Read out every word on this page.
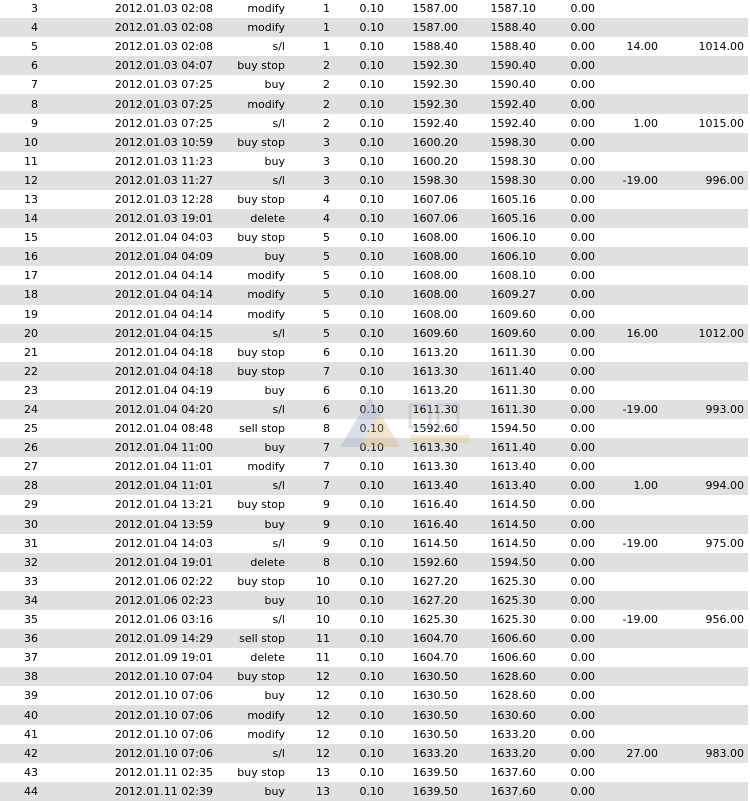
3	2012.01.03 02:08	modify	1	0.10	1587.00	1587.10	0.00		
4	2012.01.03 02:08	modify	1	0.10	1587.00	1588.40	0.00		
5	2012.01.03 02:08	s/l	1	0.10	1588.40	1588.40	0.00	14.00	1014.00
6	2012.01.03 04:07	buy stop	2	0.10	1592.30	1590.40	0.00		
7	2012.01.03 07:25	buy	2	0.10	1592.30	1590.40	0.00		
8	2012.01.03 07:25	modify	2	0.10	1592.30	1592.40	0.00		
9	2012.01.03 07:25	s/l	2	0.10	1592.40	1592.40	0.00	1.00	1015.00
10	2012.01.03 10:59	buy stop	3	0.10	1600.20	1598.30	0.00		
11	2012.01.03 11:23	buy	3	0.10	1600.20	1598.30	0.00		
12	2012.01.03 11:27	s/l	3	0.10	1598.30	1598.30	0.00	-19.00	996.00
13	2012.01.03 12:28	buy stop	4	0.10	1607.06	1605.16	0.00		
14	2012.01.03 19:01	delete	4	0.10	1607.06	1605.16	0.00		
15	2012.01.04 04:03	buy stop	5	0.10	1608.00	1606.10	0.00		
16	2012.01.04 04:09	buy	5	0.10	1608.00	1606.10	0.00		
17	2012.01.04 04:14	modify	5	0.10	1608.00	1608.10	0.00		
18	2012.01.04 04:14	modify	5	0.10	1608.00	1609.27	0.00		
19	2012.01.04 04:14	modify	5	0.10	1608.00	1609.60	0.00		
20	2012.01.04 04:15	s/l	5	0.10	1609.60	1609.60	0.00	16.00	1012.00
21	2012.01.04 04:18	buy stop	6	0.10	1613.20	1611.30	0.00		
22	2012.01.04 04:18	buy stop	7	0.10	1613.30	1611.40	0.00		
23	2012.01.04 04:19	buy	6	0.10	1613.20	1611.30	0.00		
24	2012.01.04 04:20	s/l	6	0.10	1611.30	1611.30	0.00	-19.00	993.00
25	2012.01.04 08:48	sell stop	8	0.10	1592.60	1594.50	0.00		
26	2012.01.04 11:00	buy	7	0.10	1613.30	1611.40	0.00		
27	2012.01.04 11:01	modify	7	0.10	1613.30	1613.40	0.00		
28	2012.01.04 11:01	s/l	7	0.10	1613.40	1613.40	0.00	1.00	994.00
29	2012.01.04 13:21	buy stop	9	0.10	1616.40	1614.50	0.00		
30	2012.01.04 13:59	buy	9	0.10	1616.40	1614.50	0.00		
31	2012.01.04 14:03	s/l	9	0.10	1614.50	1614.50	0.00	-19.00	975.00
32	2012.01.04 19:01	delete	8	0.10	1592.60	1594.50	0.00		
33	2012.01.06 02:22	buy stop	10	0.10	1627.20	1625.30	0.00		
34	2012.01.06 02:23	buy	10	0.10	1627.20	1625.30	0.00		
35	2012.01.06 03:16	s/l	10	0.10	1625.30	1625.30	0.00	-19.00	956.00
36	2012.01.09 14:29	sell stop	11	0.10	1604.70	1606.60	0.00		
37	2012.01.09 19:01	delete	11	0.10	1604.70	1606.60	0.00		
38	2012.01.10 07:04	buy stop	12	0.10	1630.50	1628.60	0.00		
39	2012.01.10 07:06	buy	12	0.10	1630.50	1628.60	0.00		
40	2012.01.10 07:06	modify	12	0.10	1630.50	1630.60	0.00		
41	2012.01.10 07:06	modify	12	0.10	1630.50	1633.20	0.00		
42	2012.01.10 07:06	s/l	12	0.10	1633.20	1633.20	0.00	27.00	983.00
43	2012.01.11 02:35	buy stop	13	0.10	1639.50	1637.60	0.00		
44	2012.01.11 02:39	buy	13	0.10	1639.50	1637.60	0.00		
